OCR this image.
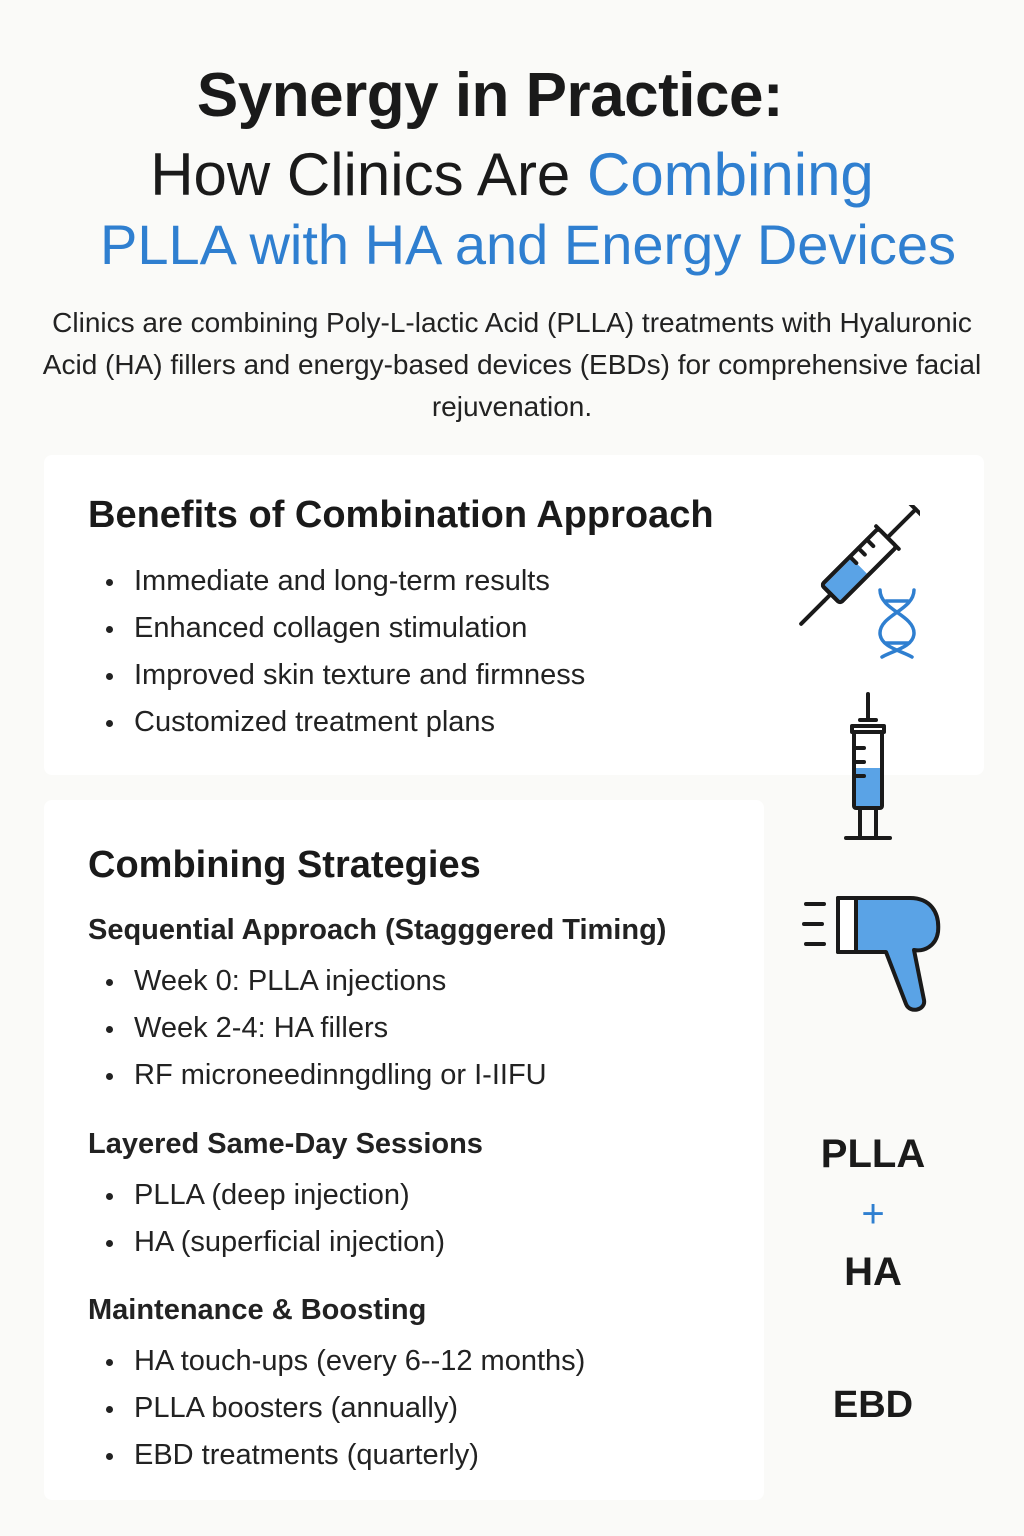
Synergy in Practice:
How Clinics Are Combining
PLLA with HA and Energy Devices
Clinics are combining Poly-L-lactic Acid (PLLA) treatments with Hyaluronic Acid (HA) fillers and energy-based devices (EBDs) for comprehensive facial rejuvenation.
Benefits of Combination Approach
Immediate and long-term results
Enhanced collagen stimulation
Improved skin texture and firmness
Customized treatment plans
Combining Strategies
Sequential Approach (Stagggered Timing)
Week 0: PLLA injections
Week 2-4: HA fillers
RF microneedinngdling or I-IIFU
Layered Same-Day Sessions
PLLA (deep injection)
HA (superficial injection)
Maintenance & Boosting
HA touch-ups (every 6--12 months)
PLLA boosters (annually)
EBD treatments (quarterly)
PLLA
+
HA
EBD
